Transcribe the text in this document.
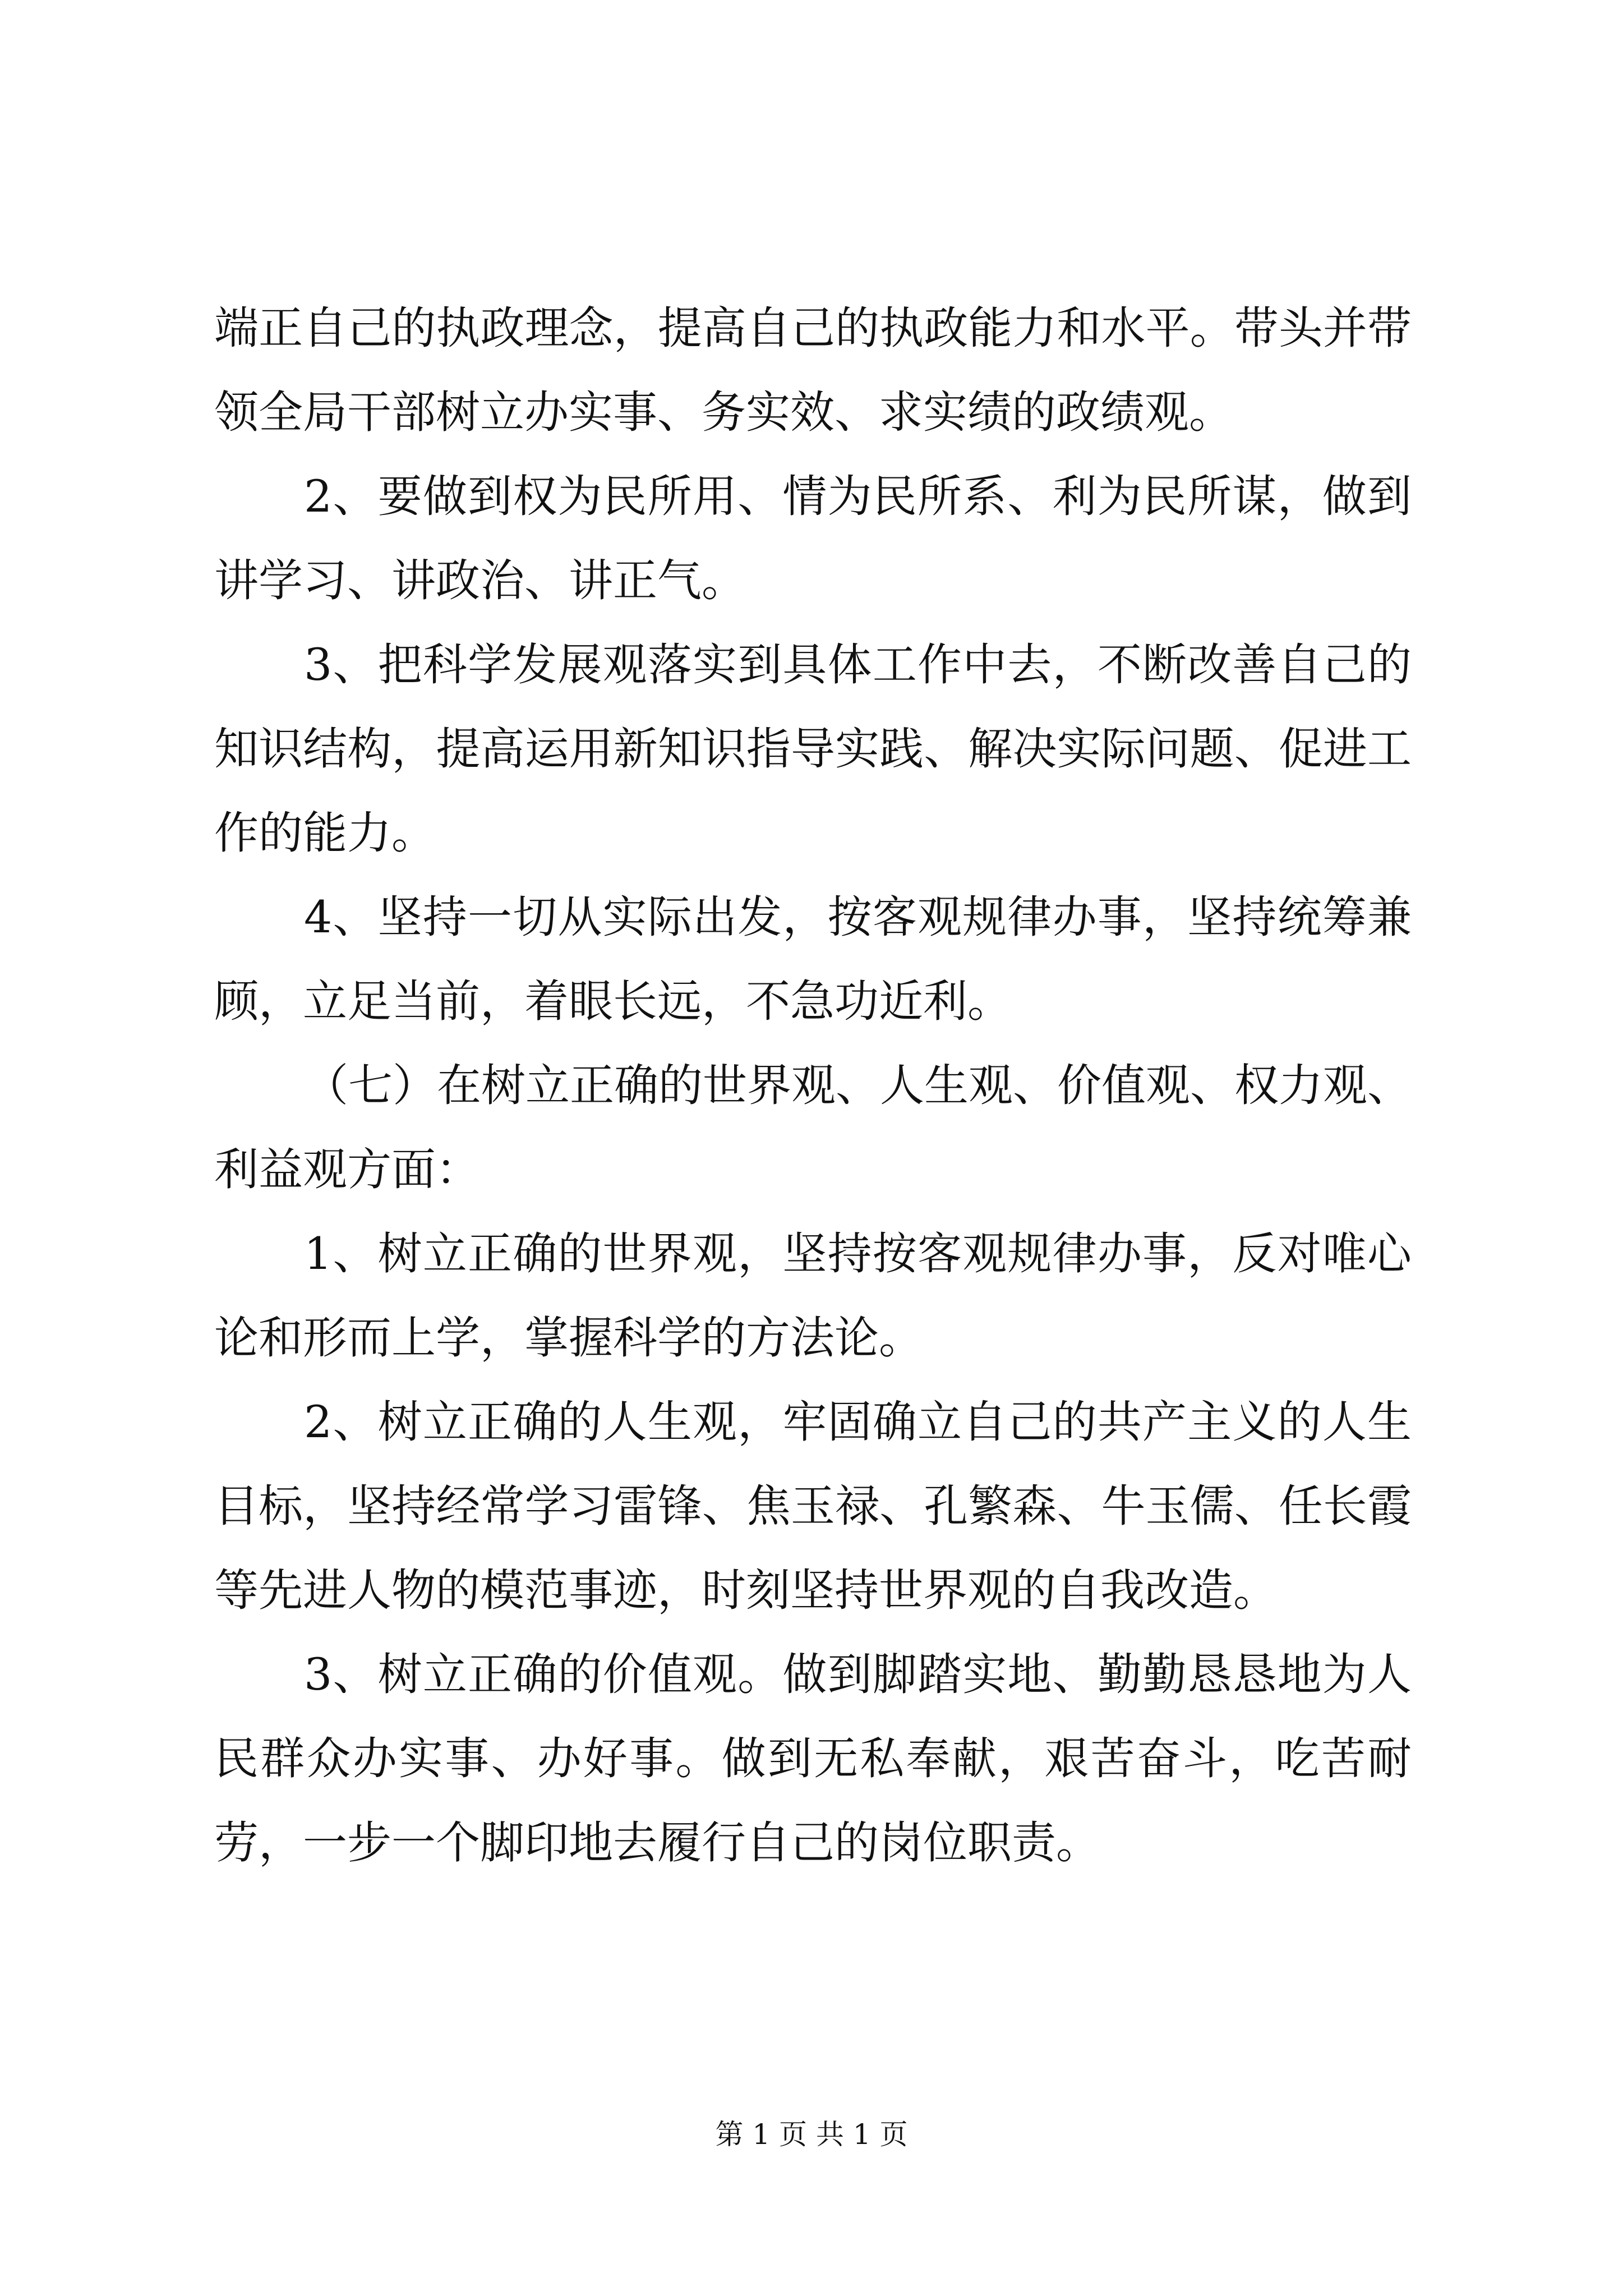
端正自己的执政理念，提高自己的执政能力和水平。带头并带领全局干部树立办实事、务实效、求实绩的政绩观。

2、要做到权为民所用、情为民所系、利为民所谋，做到讲学习、讲政治、讲正气。

3、把科学发展观落实到具体工作中去，不断改善自己的知识结构，提高运用新知识指导实践、解决实际问题、促进工作的能力。

4、坚持一切从实际出发，按客观规律办事，坚持统筹兼顾，立足当前，着眼长远，不急功近利。

（七）在树立正确的世界观、人生观、价值观、权力观、利益观方面：

1、树立正确的世界观，坚持按客观规律办事，反对唯心论和形而上学，掌握科学的方法论。

2、树立正确的人生观，牢固确立自己的共产主义的人生目标，坚持经常学习雷锋、焦玉禄、孔繁森、牛玉儒、任长霞等先进人物的模范事迹，时刻坚持世界观的自我改造。

3、树立正确的价值观。做到脚踏实地、勤勤恳恳地为人民群众办实事、办好事。做到无私奉献，艰苦奋斗，吃苦耐劳，一步一个脚印地去履行自己的岗位职责。

第 1 页 共 1 页
